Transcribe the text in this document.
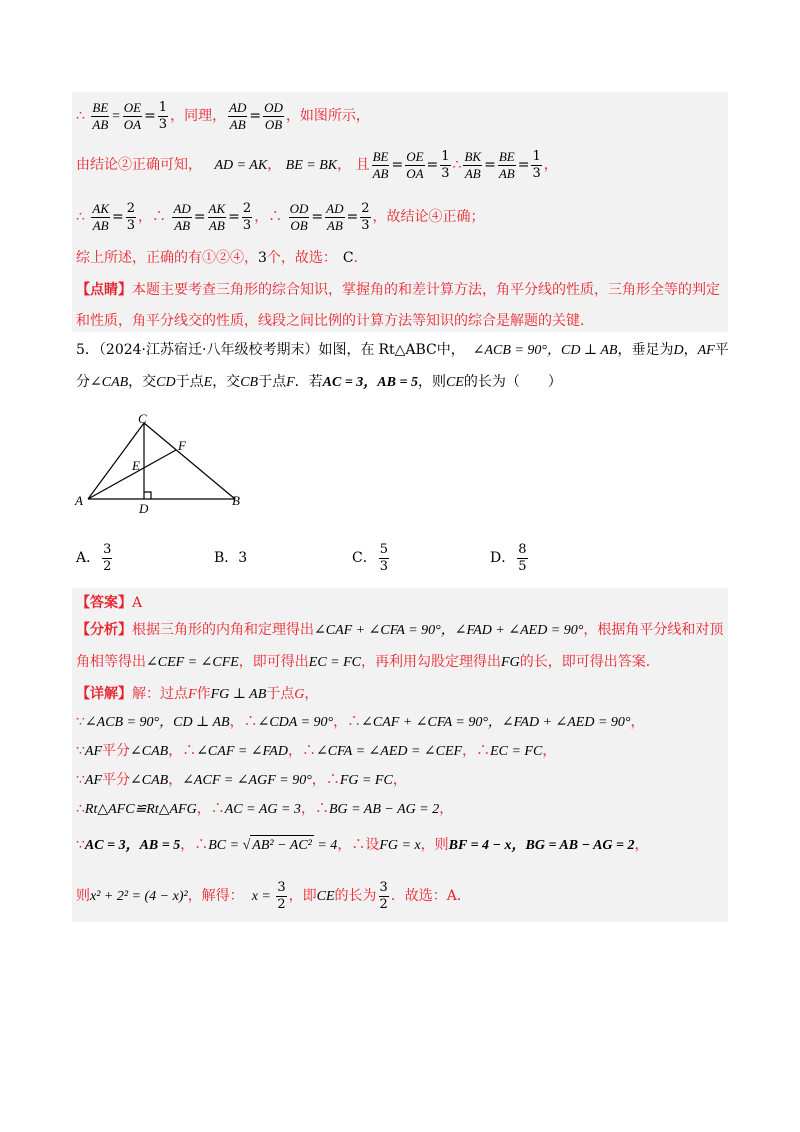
∴ $\frac{BE}{AB} = \frac{OE}{OA} = \frac{1}{3}$ ，同理， $\frac{AD}{AB} = \frac{OD}{OB}$ ，如图所示，
由结论②正确可知， AD = AK， BE = BK， 且 $\frac{BE}{AB} = \frac{OE}{OA} = \frac{1}{3}$ ∴ $\frac{BK}{AB} = \frac{BE}{AB} = \frac{1}{3}$ ，
∴ $\frac{AK}{AB} = \frac{2}{3}$ ，∴ $\frac{AD}{AB} = \frac{AK}{AB} = \frac{2}{3}$ ，∴ $\frac{OD}{OB} = \frac{AD}{AB} = \frac{2}{3}$ ，故结论④正确；
综上所述，正确的有①②④，3个，故选： C．
【点睛】本题主要考查三角形的综合知识，掌握角的和差计算方法，角平分线的性质，三角形全等的判定
和性质，角平分线交的性质，线段之间比例的计算方法等知识的综合是解题的关键．
5．（2024·江苏宿迁·八年级校考期末）如图，在 Rt△ABC中， ∠ACB = 90°，CD ⊥ AB，垂足为D，AF平
分∠CAB，交CD于点E，交CB于点F．若AC = 3，AB = 5，则CE的长为（　　）
C
F
E
A
D
B
A． $\frac{3}{2}$	B．3	C． $\frac{5}{3}$	D． $\frac{8}{5}$
【答案】A
【分析】根据三角形的内角和定理得出∠CAF + ∠CFA = 90°，∠FAD + ∠AED = 90°，根据角平分线和对顶
角相等得出∠CEF = ∠CFE，即可得出EC = FC，再利用勾股定理得出FG的长，即可得出答案．
【详解】解：过点F作FG ⊥ AB于点G，
∵∠ACB = 90°，CD ⊥ AB，∴∠CDA = 90°，∴∠CAF + ∠CFA = 90°，∠FAD + ∠AED = 90°，
∵AF平分∠CAB，∴∠CAF = ∠FAD，∴∠CFA = ∠AED = ∠CEF，∴EC = FC，
∵AF平分∠CAB，∠ACF = ∠AGF = 90°，∴FG = FC，
∴Rt△AFC≌Rt△AFG，∴AC = AG = 3，∴BG = AB − AG = 2，
∵AC = 3，AB = 5，∴BC = √ AB² − AC² = 4，∴设FG = x，则BF = 4 − x，BG = AB − AG = 2，
则x² + 2² = (4 − x)²，解得： $x = \frac{3}{2}$ ，即CE的长为 $\frac{3}{2}$ ．故选：A．
